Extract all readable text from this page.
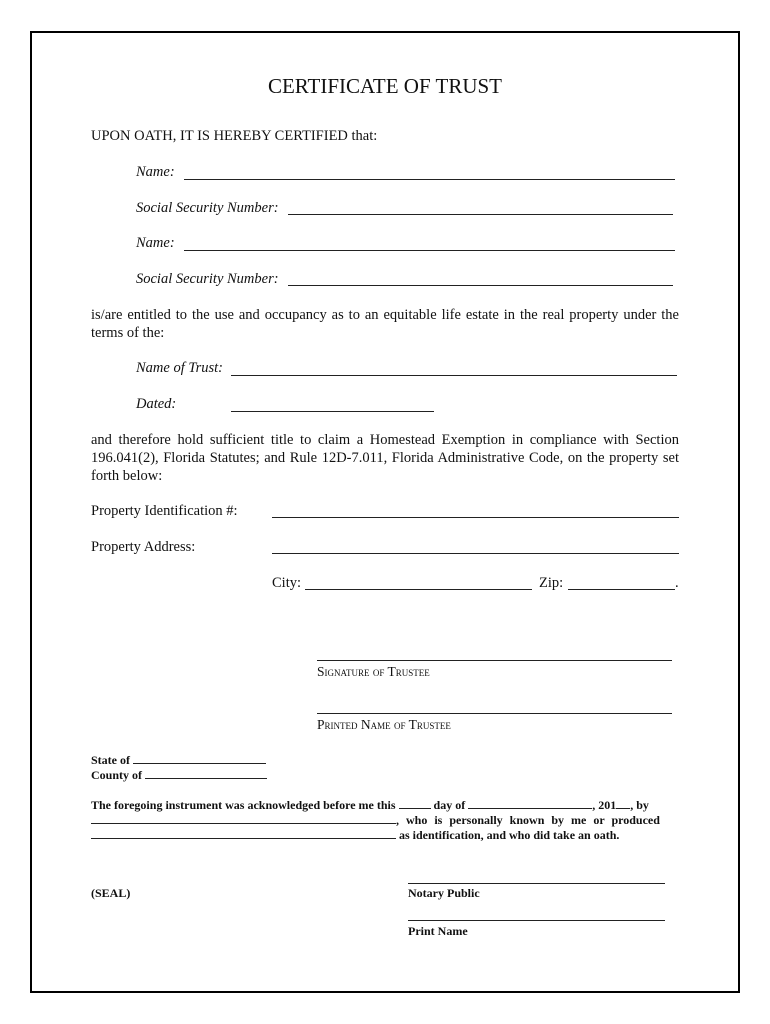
CERTIFICATE OF TRUST
UPON OATH, IT IS HEREBY CERTIFIED that:
Name:
Social Security Number:
Name:
Social Security Number:
is/are entitled to the use and occupancy as to an equitable life estate in the real property under the terms of the:
Name of Trust:
Dated:
and therefore hold sufficient title to claim a Homestead Exemption in compliance with Section 196.041(2), Florida Statutes; and Rule 12D-7.011, Florida Administrative Code, on the property set forth below:
Property Identification #:
Property Address:
City:	Zip:	.
Signature of Trustee
Printed Name of Trustee
State of
County of
The foregoing instrument was acknowledged before me this	day of	, 201 , by
, who is personally known by me or produced
as identification, and who did take an oath.
(SEAL)	Notary Public
Print Name
